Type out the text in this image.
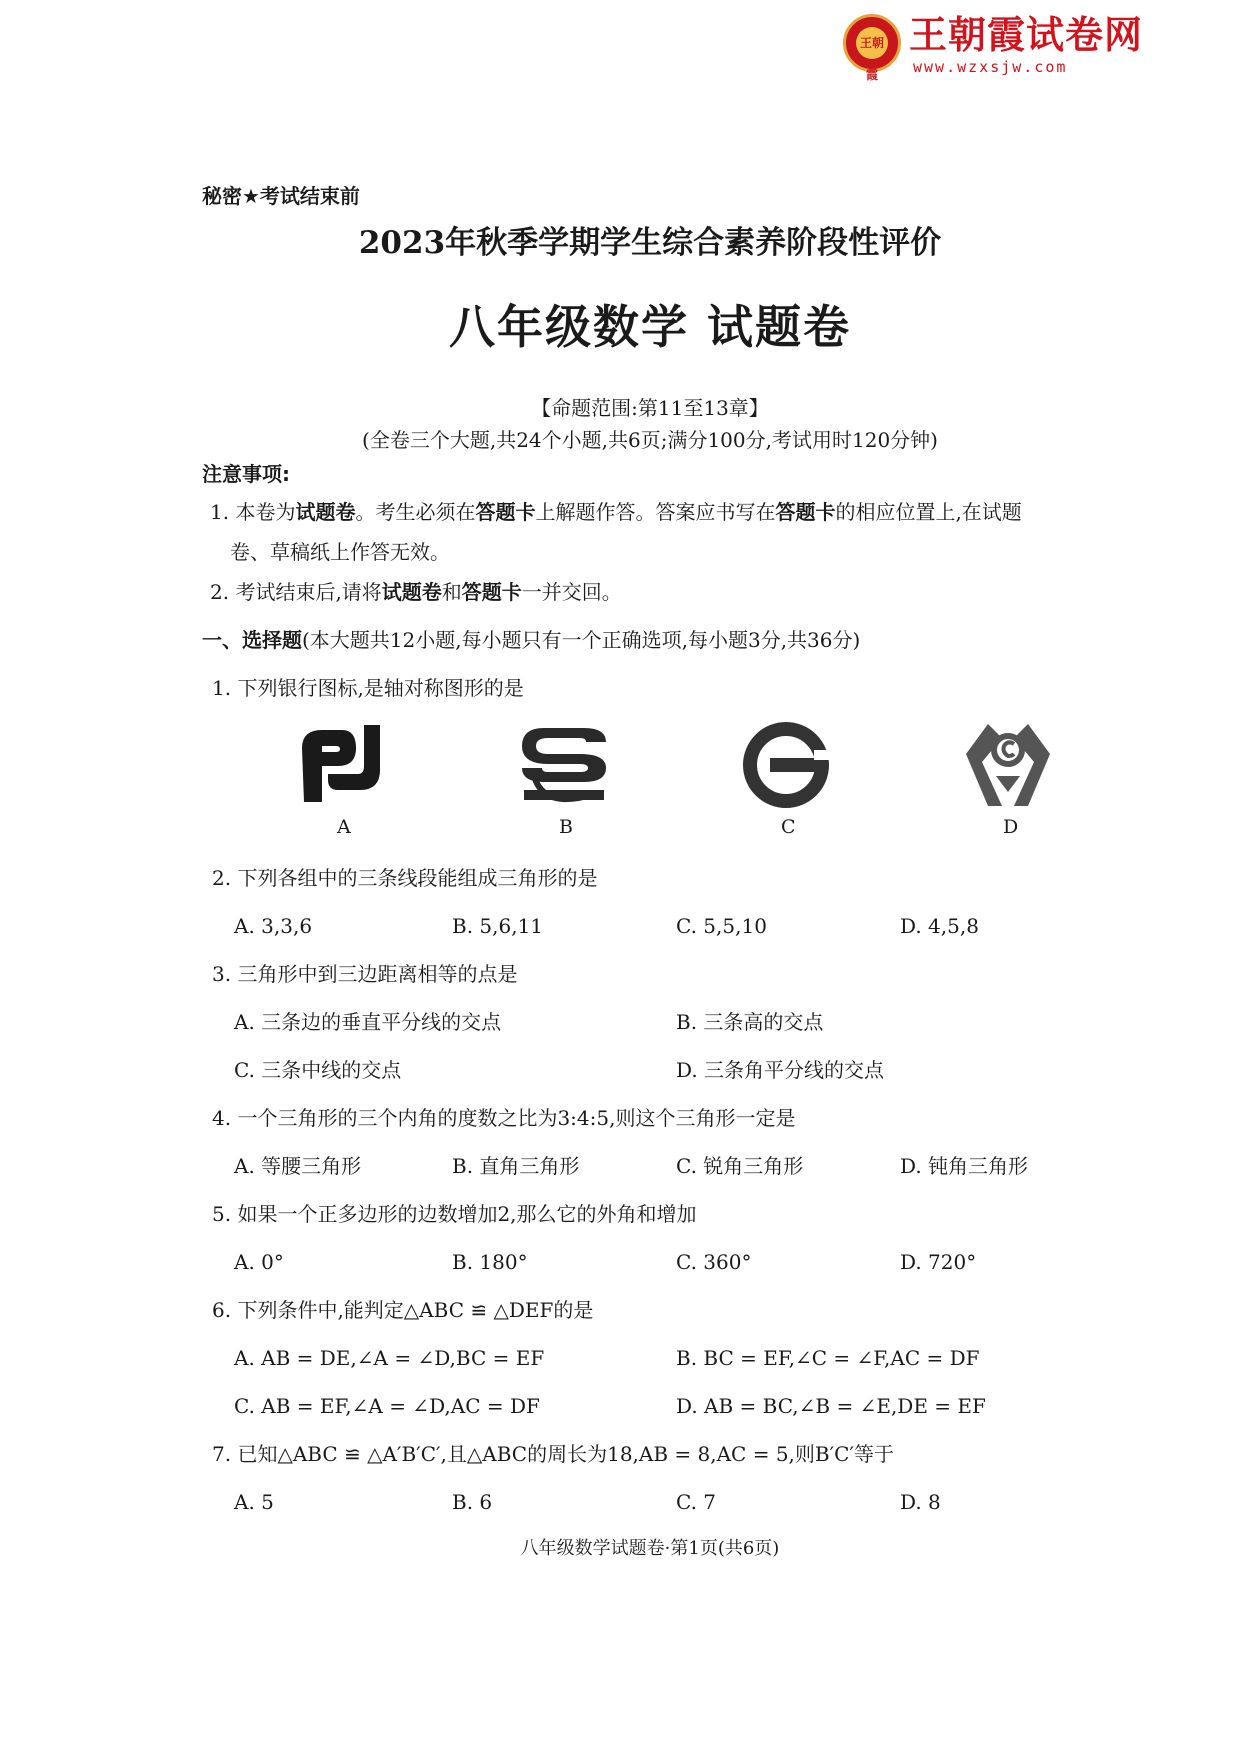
王朝霞
王朝霞试卷网
www.wzxsjw.com
秘密★考试结束前
2023年秋季学期学生综合素养阶段性评价
八年级数学 试题卷
【命题范围:第11至13章】
(全卷三个大题,共24个小题,共6页;满分100分,考试用时120分钟)
注意事项:
1. 本卷为试题卷。考生必须在答题卡上解题作答。答案应书写在答题卡的相应位置上,在试题
卷、草稿纸上作答无效。
2. 考试结束后,请将试题卷和答题卡一并交回。
一、选择题(本大题共12小题,每小题只有一个正确选项,每小题3分,共36分)
1. 下列银行图标,是轴对称图形的是
A	B	C	D
2. 下列各组中的三条线段能组成三角形的是
A. 3,3,6	B. 5,6,11	C. 5,5,10	D. 4,5,8
3. 三角形中到三边距离相等的点是
A. 三条边的垂直平分线的交点	B. 三条高的交点
C. 三条中线的交点	D. 三条角平分线的交点
4. 一个三角形的三个内角的度数之比为3:4:5,则这个三角形一定是
A. 等腰三角形	B. 直角三角形	C. 锐角三角形	D. 钝角三角形
5. 如果一个正多边形的边数增加2,那么它的外角和增加
A. 0°	B. 180°	C. 360°	D. 720°
6. 下列条件中,能判定△ABC ≌ △DEF的是
A. AB = DE,∠A = ∠D,BC = EF	B. BC = EF,∠C = ∠F,AC = DF
C. AB = EF,∠A = ∠D,AC = DF	D. AB = BC,∠B = ∠E,DE = EF
7. 已知△ABC ≌ △A′B′C′,且△ABC的周长为18,AB = 8,AC = 5,则B′C′等于
A. 5	B. 6	C. 7	D. 8
八年级数学试题卷·第1页(共6页)
